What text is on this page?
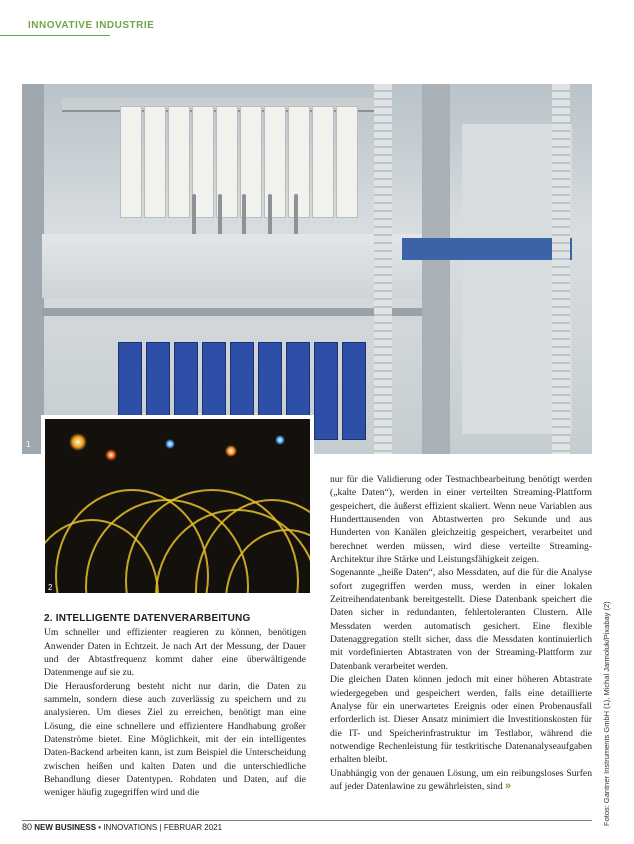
INNOVATIVE INDUSTRIE
1
2
2. INTELLIGENTE DATENVERARBEITUNG

Um schneller und effizienter reagieren zu können, benötigen Anwender Daten in Echtzeit. Je nach Art der Messung, der Dauer und der Abtastfrequenz kommt daher eine überwältigende Datenmenge auf sie zu.

Die Herausforderung besteht nicht nur darin, die Daten zu sammeln, sondern diese auch zuverlässig zu speichern und zu analysieren. Um dieses Ziel zu erreichen, benötigt man eine Lösung, die eine schnellere und effizientere Handhabung großer Datenströme bietet. Eine Möglichkeit, mit der ein intelligentes Daten-Backend arbeiten kann, ist zum Beispiel die Unterscheidung zwischen heißen und kalten Daten und die unterschiedliche Behandlung dieser Datentypen. Rohdaten und Daten, auf die weniger häufig zugegriffen wird und die

nur für die Validierung oder Testnachbearbeitung benötigt werden („kalte Daten“), werden in einer verteilten Streaming-Plattform gespeichert, die äußerst effizient skaliert. Wenn neue Variablen aus Hunderttausenden von Abtastwerten pro Sekunde und aus Hunderten von Kanälen gleichzeitig gespeichert, verarbeitet und berechnet werden müssen, wird diese verteilte Streaming-Architektur ihre Stärke und Leistungsfähigkeit zeigen.

Sogenannte „heiße Daten“, also Messdaten, auf die für die Analyse sofort zugegriffen werden muss, werden in einer lokalen Zeitreihendatenbank bereitgestellt. Diese Datenbank speichert die Daten sicher in redundanten, fehlertoleranten Clustern. Alle Messdaten werden automatisch gesichert. Eine flexible Datenaggregation stellt sicher, dass die Messdaten kontinuierlich mit vordefinierten Abtastraten von der Streaming-Plattform zur Datenbank verarbeitet werden.

Die gleichen Daten können jedoch mit einer höheren Abtastrate wiedergegeben und gespeichert werden, falls eine detaillierte Analyse für ein unerwartetes Ereignis oder einen Probenausfall erforderlich ist. Dieser Ansatz minimiert die Investitionskosten für die IT- und Speicherinfrastruktur im Testlabor, während die notwendige Rechenleistung für testkritische Datenanalyseaufgaben erhalten bleibt.

Unabhängig von der genauen Lösung, um ein reibungsloses Surfen auf jeder Datenlawine zu gewährleisten, sind »	Fotos: Gantner Instruments GmbH (1), Michal Jarmoluk/Pixabay (2)
80 NEW BUSINESS • INNOVATIONS | FEBRUAR 2021
